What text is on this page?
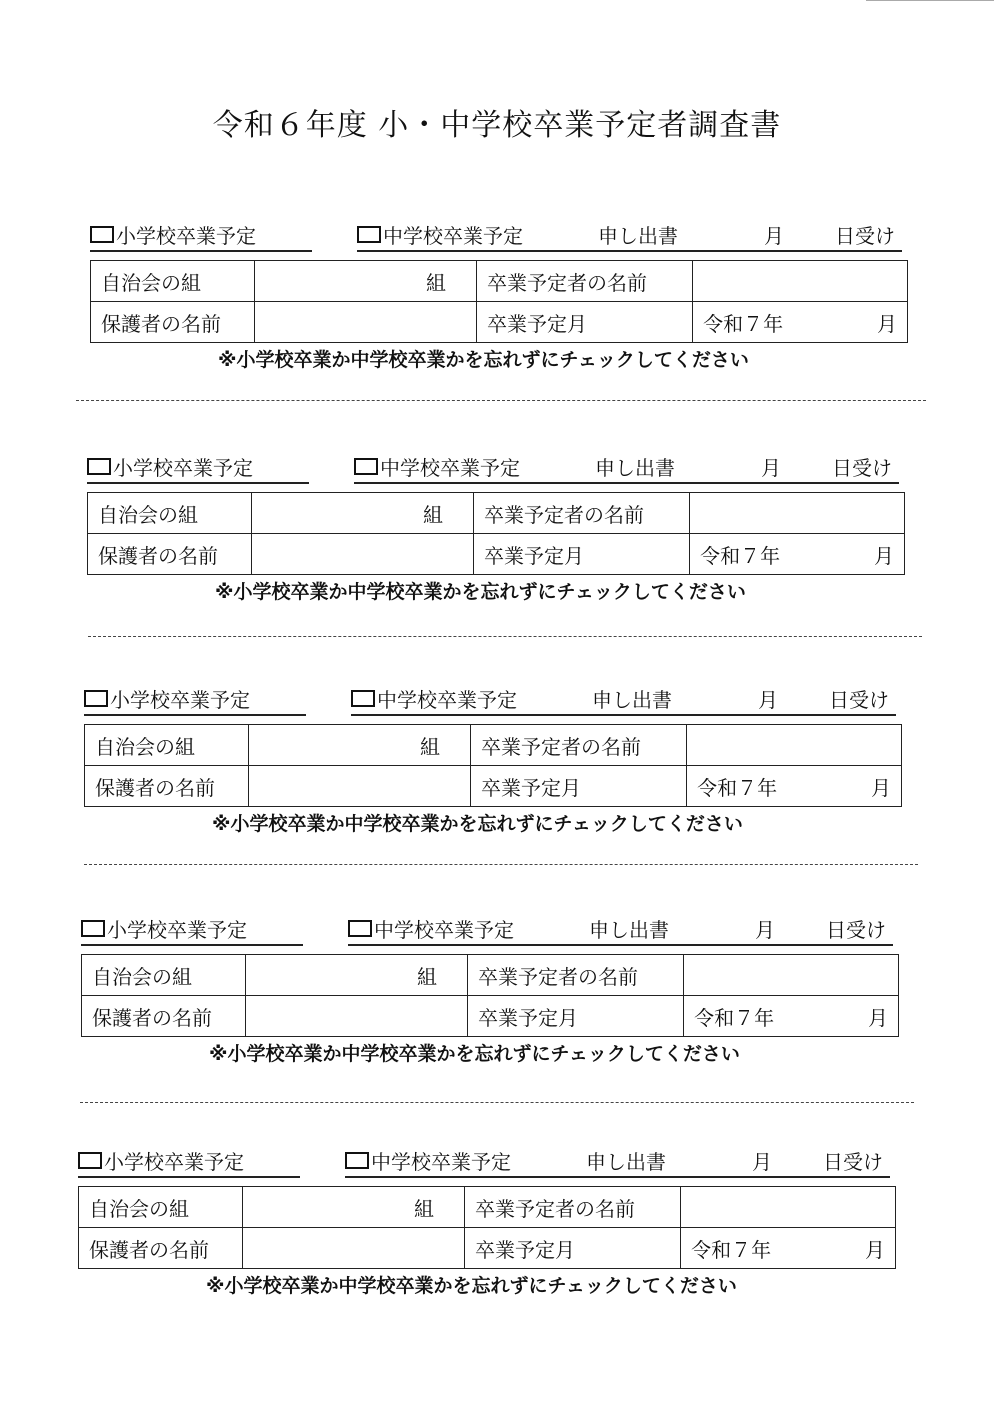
令和６年度 小・中学校卒業予定者調査書
小学校卒業予定	中学校卒業予定	申し出書	月	日受け
自治会の組	組	卒業予定者の名前	
保護者の名前		卒業予定月	令和７年 月
※小学校卒業か中学校卒業かを忘れずにチェックしてください
小学校卒業予定	中学校卒業予定	申し出書	月	日受け
自治会の組	組	卒業予定者の名前	
保護者の名前		卒業予定月	令和７年 月
※小学校卒業か中学校卒業かを忘れずにチェックしてください
小学校卒業予定	中学校卒業予定	申し出書	月	日受け
自治会の組	組	卒業予定者の名前	
保護者の名前		卒業予定月	令和７年 月
※小学校卒業か中学校卒業かを忘れずにチェックしてください
小学校卒業予定	中学校卒業予定	申し出書	月	日受け
自治会の組	組	卒業予定者の名前	
保護者の名前		卒業予定月	令和７年 月
※小学校卒業か中学校卒業かを忘れずにチェックしてください
小学校卒業予定	中学校卒業予定	申し出書	月	日受け
自治会の組	組	卒業予定者の名前	
保護者の名前		卒業予定月	令和７年 月
※小学校卒業か中学校卒業かを忘れずにチェックしてください
